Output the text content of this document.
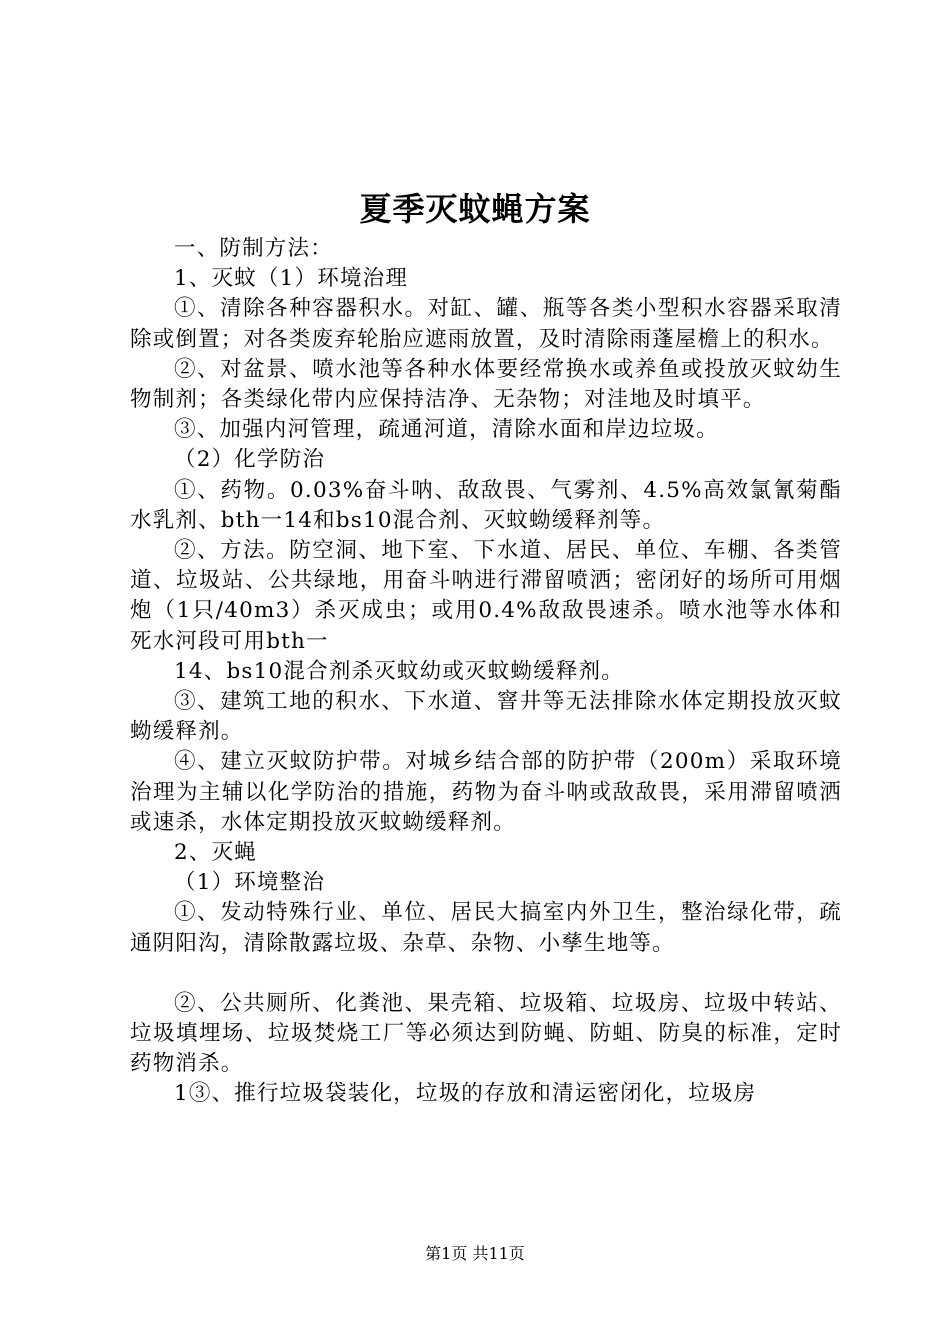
夏季灭蚊蝇方案

一、防制方法：

1、灭蚊（1）环境治理

①、清除各种容器积水。对缸、罐、瓶等各类小型积水容器采取清除或倒置；对各类废弃轮胎应遮雨放置，及时清除雨蓬屋檐上的积水。

②、对盆景、喷水池等各种水体要经常换水或养鱼或投放灭蚊幼生物制剂；各类绿化带内应保持洁净、无杂物；对洼地及时填平。

③、加强内河管理，疏通河道，清除水面和岸边垃圾。

（2）化学防治

①、药物。0.03%奋斗呐、敌敌畏、气雾剂、4.5%高效氯氰菊酯水乳剂、bth一14和bs10混合剂、灭蚊蚴缓释剂等。

②、方法。防空洞、地下室、下水道、居民、单位、车棚、各类管道、垃圾站、公共绿地，用奋斗呐进行滞留喷洒；密闭好的场所可用烟炮（1只/40m3）杀灭成虫；或用0.4%敌敌畏速杀。喷水池等水体和死水河段可用bth一

14、bs10混合剂杀灭蚊幼或灭蚊蚴缓释剂。

③、建筑工地的积水、下水道、窨井等无法排除水体定期投放灭蚊蚴缓释剂。

④、建立灭蚊防护带。对城乡结合部的防护带（200m）采取环境治理为主辅以化学防治的措施，药物为奋斗呐或敌敌畏，采用滞留喷洒或速杀，水体定期投放灭蚊蚴缓释剂。

2、灭蝇

（1）环境整治

①、发动特殊行业、单位、居民大搞室内外卫生，整治绿化带，疏通阴阳沟，清除散露垃圾、杂草、杂物、小孳生地等。

②、公共厕所、化粪池、果壳箱、垃圾箱、垃圾房、垃圾中转站、垃圾填埋场、垃圾焚烧工厂等必须达到防蝇、防蛆、防臭的标准，定时药物消杀。

1③、推行垃圾袋装化，垃圾的存放和清运密闭化，垃圾房

第1页 共11页
